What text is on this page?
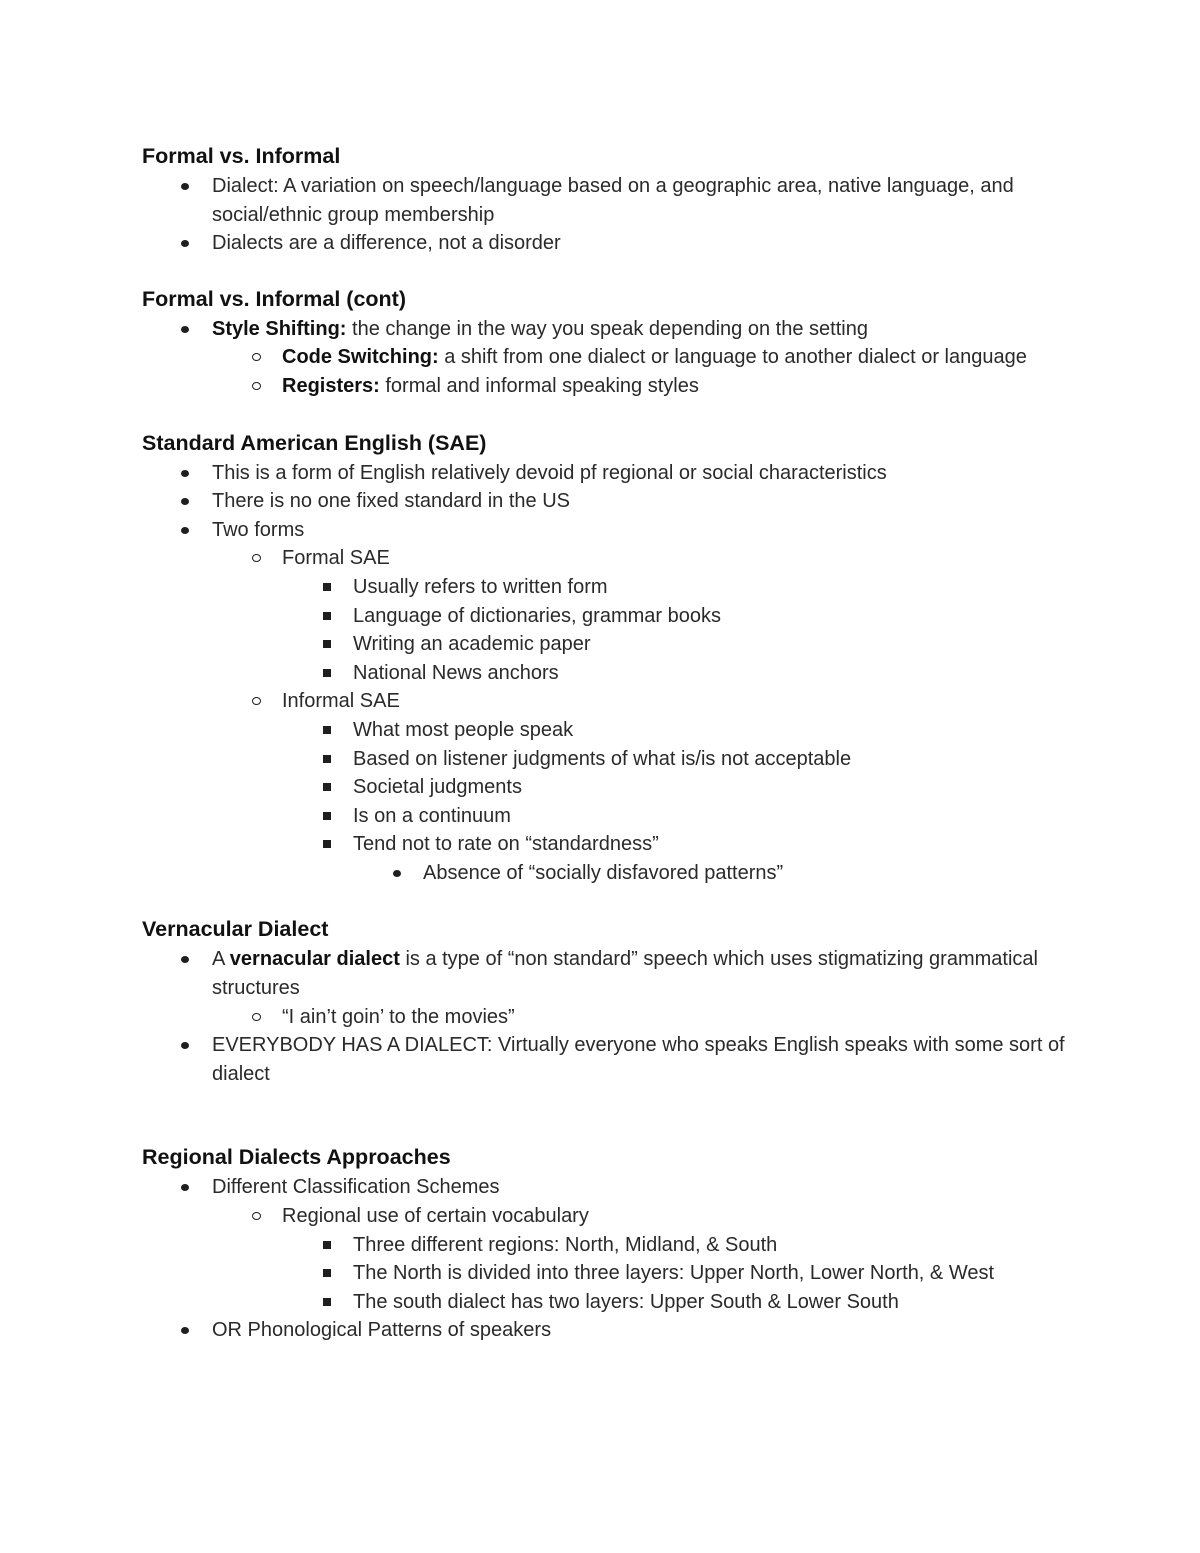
Formal vs. Informal
Dialect: A variation on speech/language based on a geographic area, native language, and social/ethnic group membership
Dialects are a difference, not a disorder
Formal vs. Informal (cont)
Style Shifting: the change in the way you speak depending on the setting
Code Switching: a shift from one dialect or language to another dialect or language
Registers: formal and informal speaking styles
Standard American English (SAE)
This is a form of English relatively devoid pf regional or social characteristics
There is no one fixed standard in the US
Two forms
Formal SAE
Usually refers to written form
Language of dictionaries, grammar books
Writing an academic paper
National News anchors
Informal SAE
What most people speak
Based on listener judgments of what is/is not acceptable
Societal judgments
Is on a continuum
Tend not to rate on “standardness”
Absence of “socially disfavored patterns”
Vernacular Dialect
A vernacular dialect is a type of “non standard” speech which uses stigmatizing grammatical structures
“I ain’t goin’ to the movies”
EVERYBODY HAS A DIALECT: Virtually everyone who speaks English speaks with some sort of dialect
Regional Dialects Approaches
Different Classification Schemes
Regional use of certain vocabulary
Three different regions: North, Midland, & South
The North is divided into three layers: Upper North, Lower North, & West
The south dialect has two layers: Upper South & Lower South
OR Phonological Patterns of speakers
